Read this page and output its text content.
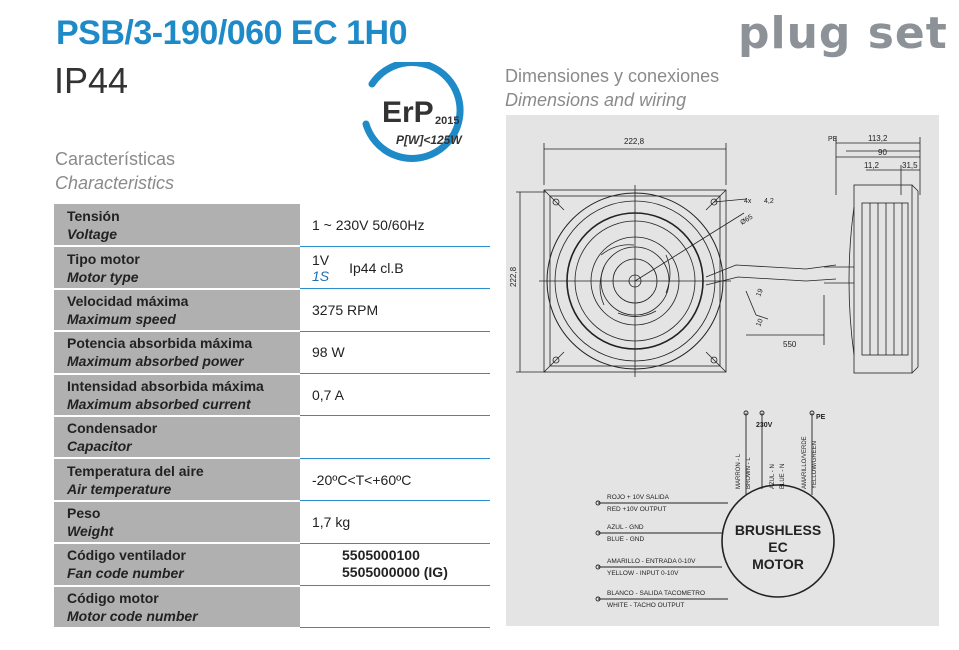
PSB/3-190/060 EC 1H0
IP44
plug set
ErP 2015
P[W]<125W
Características
Characteristics
Dimensiones y conexiones
Dimensions and wiring
Tensión
Voltage	1 ~ 230V 50/60Hz

Tipo motor
Motor type	1V
1S Ip44 cl.B

Velocidad máxima
Maximum speed	3275 RPM

Potencia absorbida máxima
Maximum absorbed power	98 W

Intensidad absorbida máxima
Maximum absorbed current	0,7 A

Condensador
Capacitor	

Temperatura del aire
Air temperature	-20ºC<T<+60ºC

Peso
Weight	1,7 kg

Código ventilador
Fan code number	5505000100
5505000000 (IG)

Código motor
Motor code number	

222,8
222,8
4x 4,2
Ø65
19
10
550
113,2
90
11,2	31,5
PE
230V
PE
MARRON - L BROWN - L	AZUL - N BLUE - N	AMARILLO/VERDE YELLOW/GREEN
BRUSHLESS
EC
MOTOR
ROJO + 10V SALIDA
RED +10V OUTPUT
AZUL - GND
BLUE - GND
AMARILLO - ENTRADA 0-10V
YELLOW - INPUT 0-10V
BLANCO - SALIDA TACOMETRO
WHITE - TACHO OUTPUT
